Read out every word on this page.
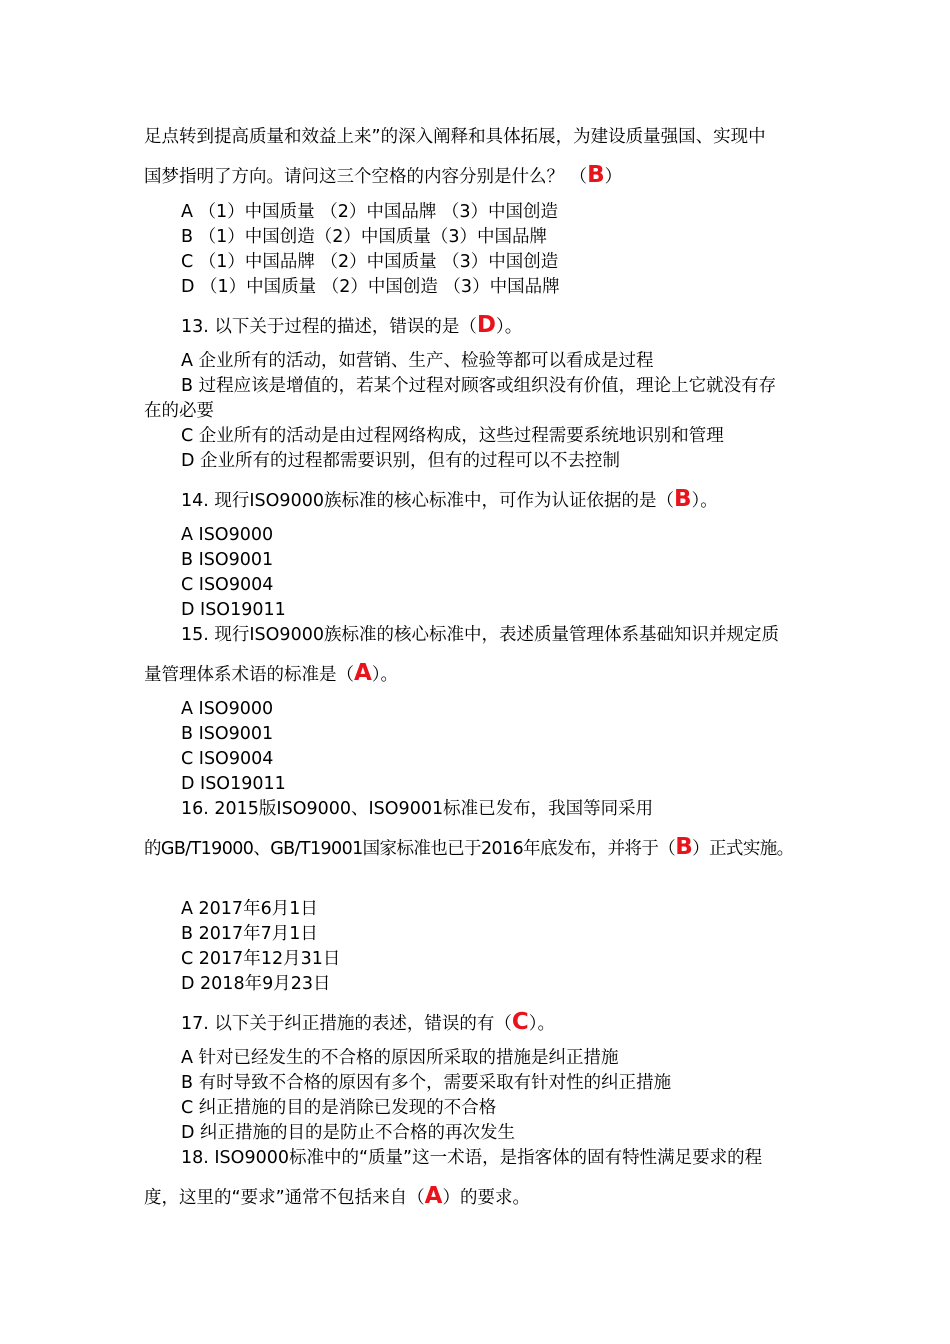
足点转到提高质量和效益上来”的深入阐释和具体拓展，为建设质量强国、实现中
国梦指明了方向。请问这三个空格的内容分别是什么？ （B）
A （1）中国质量 （2）中国品牌 （3）中国创造
B （1）中国创造（2）中国质量（3）中国品牌
C （1）中国品牌 （2）中国质量 （3）中国创造
D （1）中国质量 （2）中国创造 （3）中国品牌
13. 以下关于过程的描述，错误的是（D）。
A 企业所有的活动，如营销、生产、检验等都可以看成是过程
B 过程应该是增值的，若某个过程对顾客或组织没有价值，理论上它就没有存
在的必要
C 企业所有的活动是由过程网络构成，这些过程需要系统地识别和管理
D 企业所有的过程都需要识别，但有的过程可以不去控制
14. 现行ISO9000族标准的核心标准中，可作为认证依据的是（B）。
A ISO9000
B ISO9001
C ISO9004
D ISO19011
15. 现行ISO9000族标准的核心标准中，表述质量管理体系基础知识并规定质
量管理体系术语的标准是（A）。
A ISO9000
B ISO9001
C ISO9004
D ISO19011
16. 2015版ISO9000、ISO9001标准已发布，我国等同采用
的GB/T19000、GB/T19001国家标准也已于2016年底发布，并将于（B）正式实施。
A 2017年6月1日
B 2017年7月1日
C 2017年12月31日
D 2018年9月23日
17. 以下关于纠正措施的表述，错误的有（C）。
A 针对已经发生的不合格的原因所采取的措施是纠正措施
B 有时导致不合格的原因有多个，需要采取有针对性的纠正措施
C 纠正措施的目的是消除已发现的不合格
D 纠正措施的目的是防止不合格的再次发生
18. ISO9000标准中的“质量”这一术语，是指客体的固有特性满足要求的程
度，这里的“要求”通常不包括来自（A）的要求。
